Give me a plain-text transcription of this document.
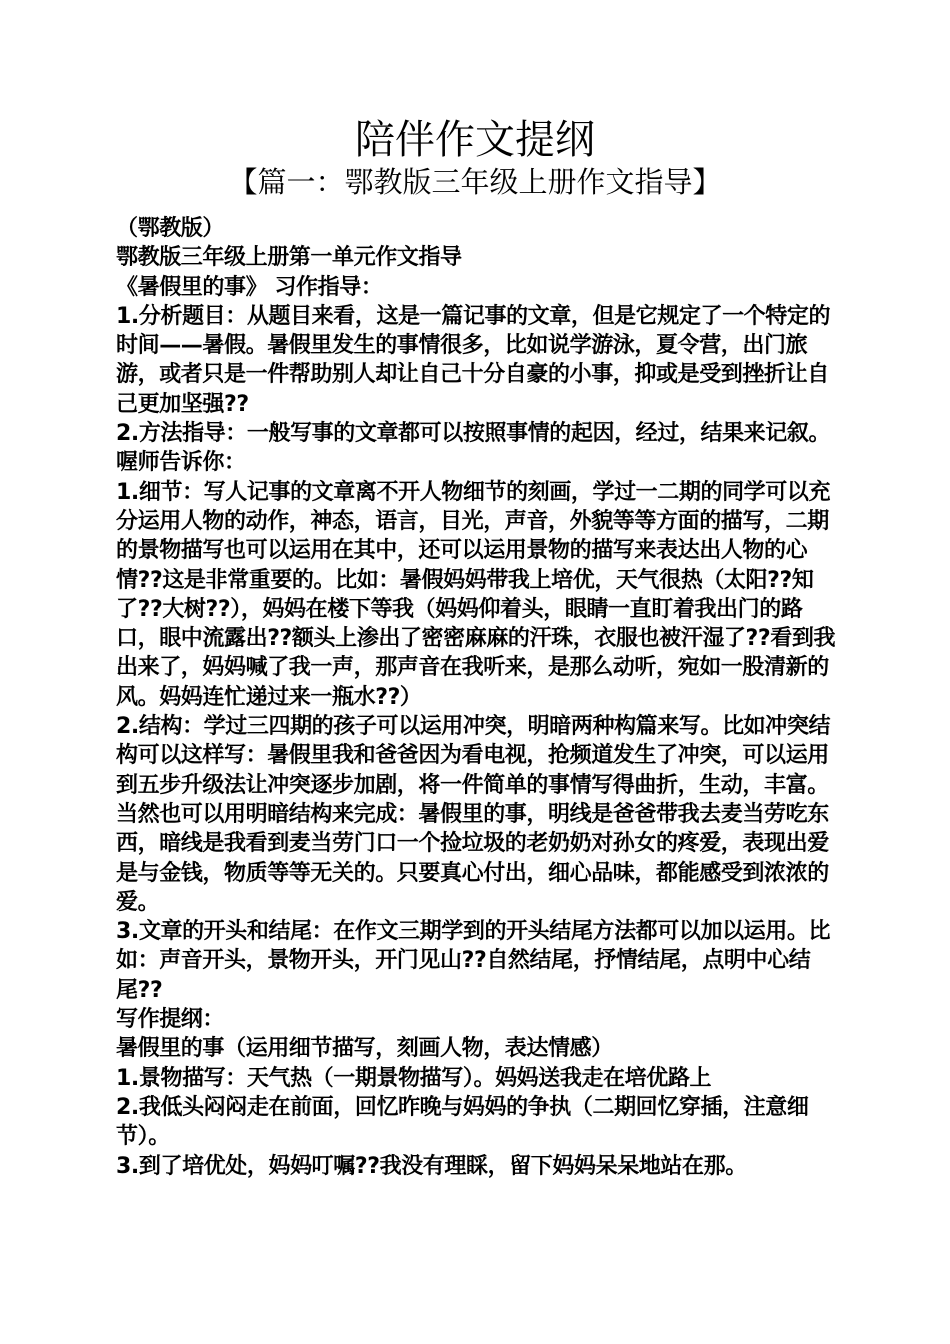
陪伴作文提纲
【篇一：鄂教版三年级上册作文指导】

（鄂教版）

鄂教版三年级上册第一单元作文指导

《暑假里的事》 习作指导：

1.分析题目：从题目来看，这是一篇记事的文章，但是它规定了一个特定的时间——暑假。暑假里发生的事情很多，比如说学游泳，夏令营，出门旅游，或者只是一件帮助别人却让自己十分自豪的小事，抑或是受到挫折让自己更加坚强??

2.方法指导：一般写事的文章都可以按照事情的起因，经过，结果来记叙。

喔师告诉你：

1.细节：写人记事的文章离不开人物细节的刻画，学过一二期的同学可以充分运用人物的动作，神态，语言，目光，声音，外貌等等方面的描写，二期的景物描写也可以运用在其中，还可以运用景物的描写来表达出人物的心情??这是非常重要的。比如：暑假妈妈带我上培优，天气很热（太阳??知了??大树??），妈妈在楼下等我（妈妈仰着头，眼睛一直盯着我出门的路口，眼中流露出??额头上渗出了密密麻麻的汗珠，衣服也被汗湿了??看到我出来了，妈妈喊了我一声，那声音在我听来，是那么动听，宛如一股清新的风。妈妈连忙递过来一瓶水??）

2.结构：学过三四期的孩子可以运用冲突，明暗两种构篇来写。比如冲突结构可以这样写：暑假里我和爸爸因为看电视，抢频道发生了冲突，可以运用到五步升级法让冲突逐步加剧，将一件简单的事情写得曲折，生动，丰富。

当然也可以用明暗结构来完成：暑假里的事，明线是爸爸带我去麦当劳吃东西，暗线是我看到麦当劳门口一个捡垃圾的老奶奶对孙女的疼爱，表现出爱是与金钱，物质等等无关的。只要真心付出，细心品味，都能感受到浓浓的爱。

3.文章的开头和结尾：在作文三期学到的开头结尾方法都可以加以运用。比如：声音开头，景物开头，开门见山??自然结尾，抒情结尾，点明中心结尾??

写作提纲：

暑假里的事（运用细节描写，刻画人物，表达情感）

1.景物描写：天气热（一期景物描写）。妈妈送我走在培优路上

2.我低头闷闷走在前面，回忆昨晚与妈妈的争执（二期回忆穿插，注意细节）。

3.到了培优处，妈妈叮嘱??我没有理睬，留下妈妈呆呆地站在那。
